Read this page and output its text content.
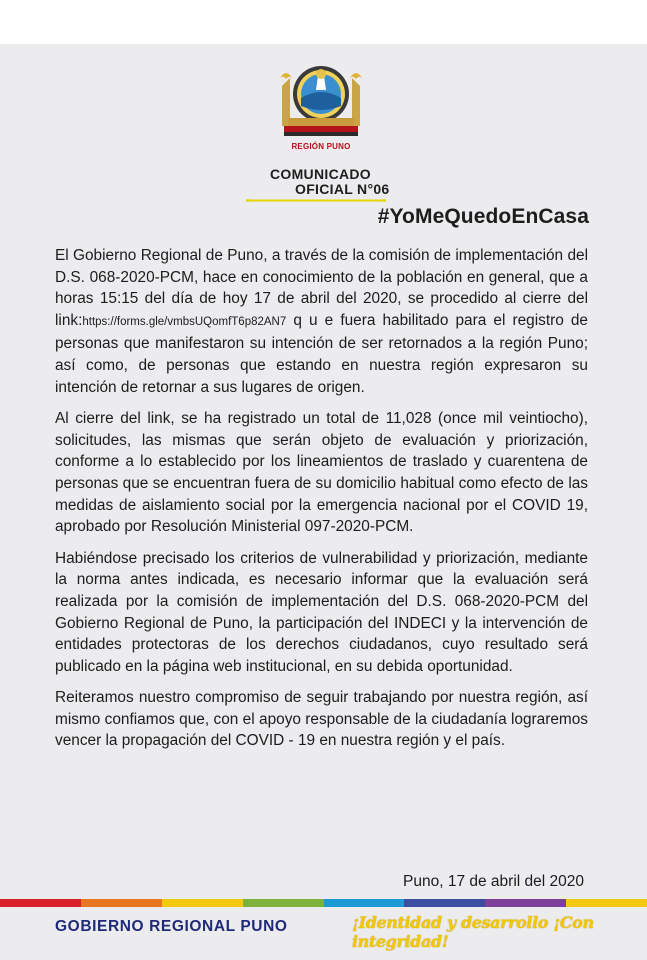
REGIÓN PUNO
COMUNICADO
OFICIAL N°06
#YoMeQuedoEnCasa

El Gobierno Regional de Puno, a través de la comisión de implementación del D.S. 068-2020-PCM, hace en conocimiento de la población en general, que a horas 15:15 del día de hoy 17 de abril del 2020, se procedido al cierre del link:https://forms.gle/vmbsUQomfT6p82AN7 q u e fuera habilitado para el registro de personas que manifestaron su intención de ser retornados a la región Puno; así como, de personas que estando en nuestra región expresaron su intención de retornar a sus lugares de origen.

Al cierre del link, se ha registrado un total de 11,028 (once mil veintiocho), solicitudes, las mismas que serán objeto de evaluación y priorización, conforme a lo establecido por los lineamientos de traslado y cuarentena de personas que se encuentran fuera de su domicilio habitual como efecto de las medidas de aislamiento social por la emergencia nacional por el COVID 19, aprobado por Resolución Ministerial 097-2020-PCM.

Habiéndose precisado los criterios de vulnerabilidad y priorización, mediante la norma antes indicada, es necesario informar que la evaluación será realizada por la comisión de implementación del D.S. 068-2020-PCM del Gobierno Regional de Puno, la participación del INDECI y la intervención de entidades protectoras de los derechos ciudadanos, cuyo resultado será publicado en la página web institucional, en su debida oportunidad.

Reiteramos nuestro compromiso de seguir trabajando por nuestra región, así mismo confiamos que, con el apoyo responsable de la ciudadanía lograremos vencer la propagación del COVID - 19 en nuestra región y el país.

Puno, 17 de abril del 2020
GOBIERNO REGIONAL PUNO	¡Identidad y desarrollo ¡Con integridad!
